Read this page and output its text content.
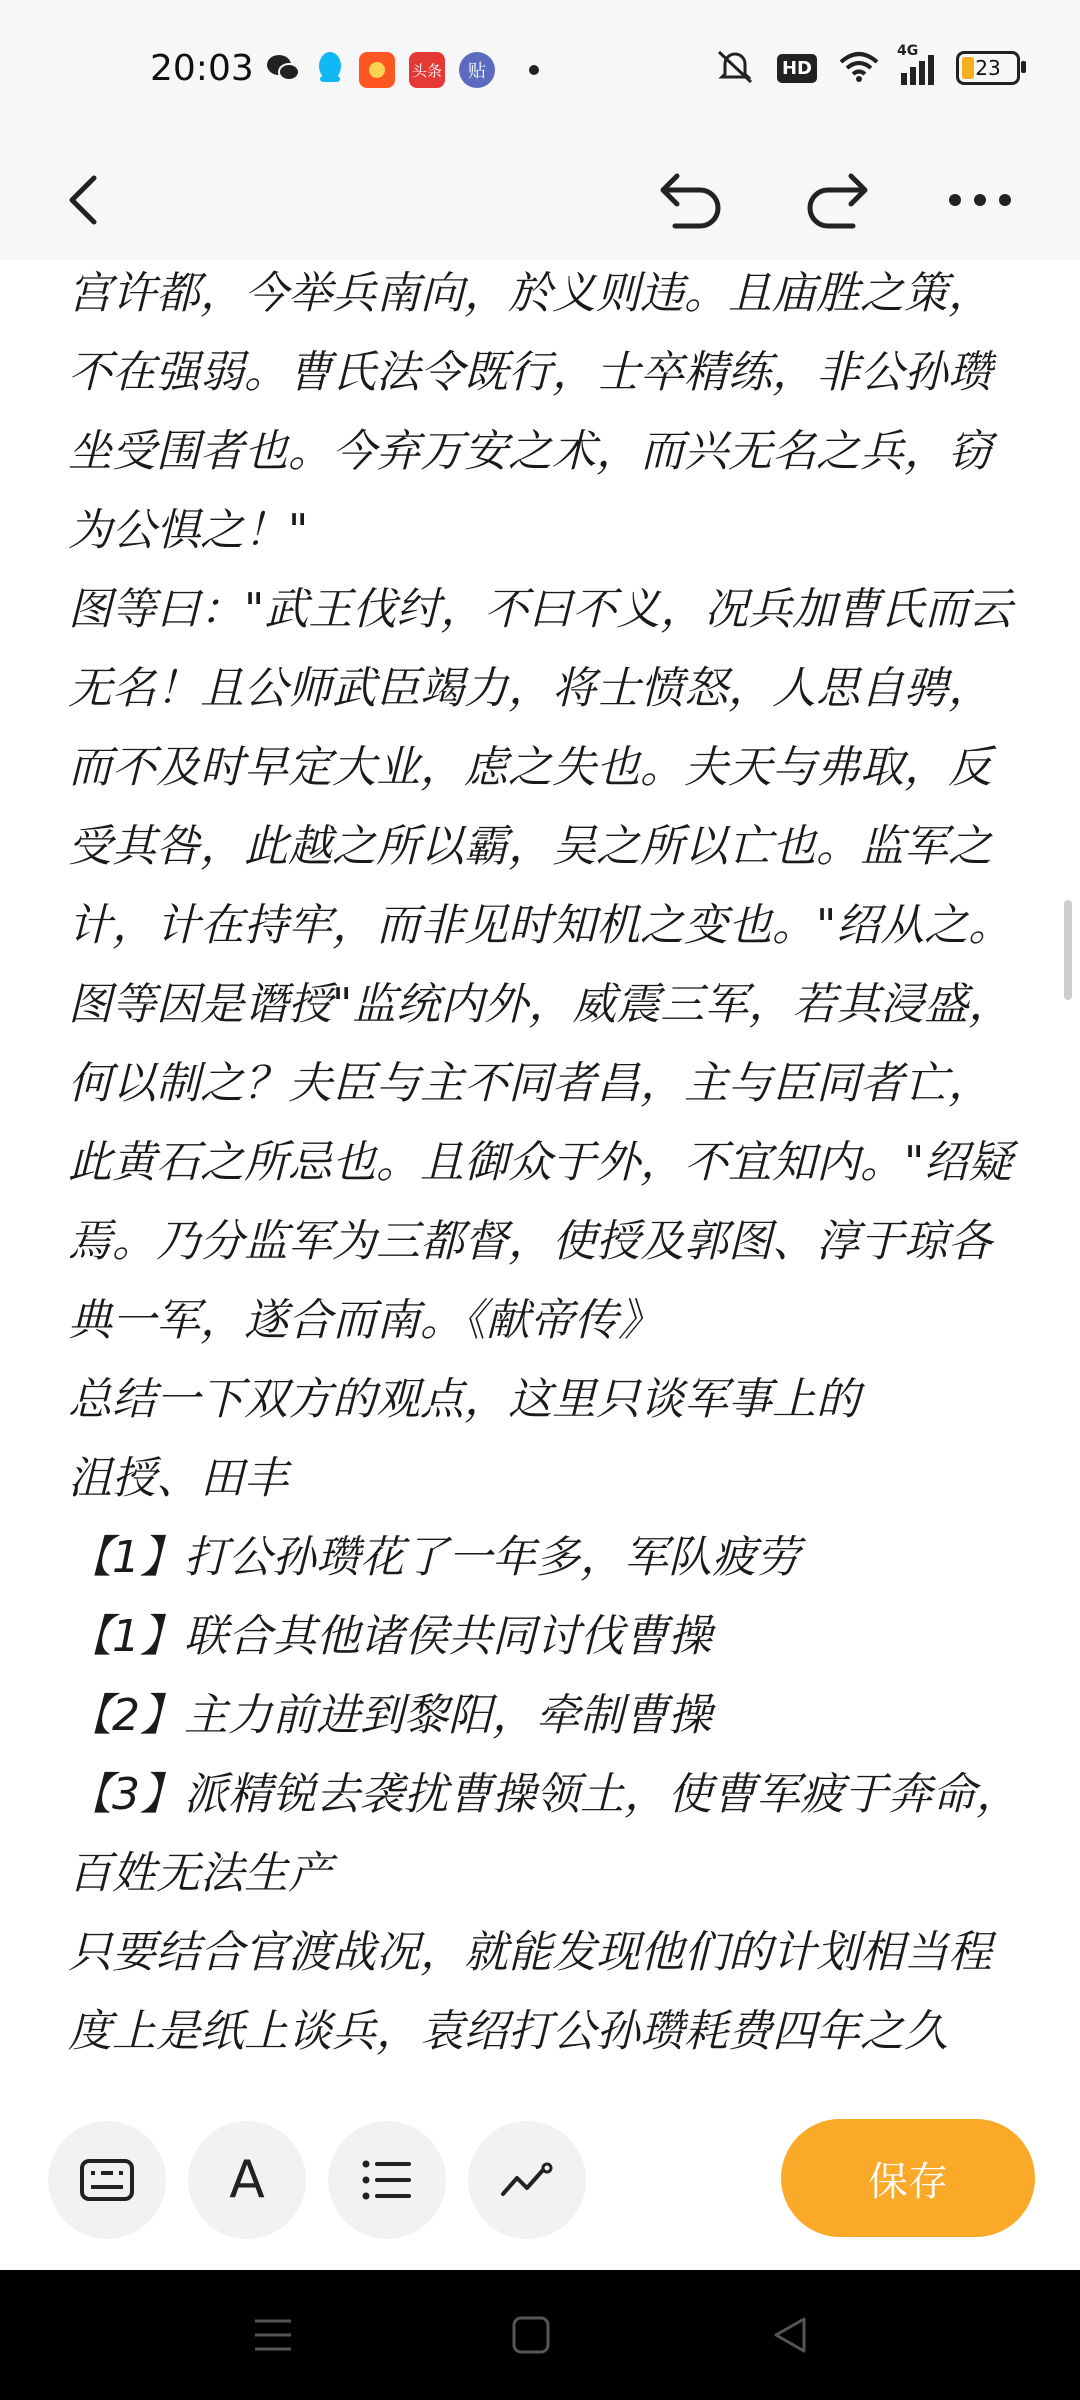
20:03	头条	贴	HD
4G
23

宫许都，今举兵南向，於义则违。且庙胜之策，不在强弱。曹氏法令既行，士卒精练，非公孙瓒坐受围者也。今弃万安之术，而兴无名之兵，窃为公惧之！"

图等曰："武王伐纣，不曰不义，况兵加曹氏而云无名！且公师武臣竭力，将士愤怒，人思自骋，而不及时早定大业，虑之失也。夫天与弗取，反受其咎，此越之所以霸，吴之所以亡也。监军之计，计在持牢，而非见时知机之变也。"绍从之。

图等因是谮授"监统内外，威震三军，若其浸盛，何以制之？夫臣与主不同者昌，主与臣同者亡，此黄石之所忌也。且御众于外，不宜知内。"绍疑焉。乃分监军为三都督，使授及郭图、淳于琼各典一军，遂合而南。《献帝传》

总结一下双方的观点，这里只谈军事上的

沮授、田丰

【1】打公孙瓒花了一年多，军队疲劳

【1】联合其他诸侯共同讨伐曹操

【2】主力前进到黎阳，牵制曹操

【3】派精锐去袭扰曹操领土，使曹军疲于奔命，百姓无法生产

只要结合官渡战况，就能发现他们的计划相当程度上是纸上谈兵，袁绍打公孙瓒耗费四年之久

A	保存
